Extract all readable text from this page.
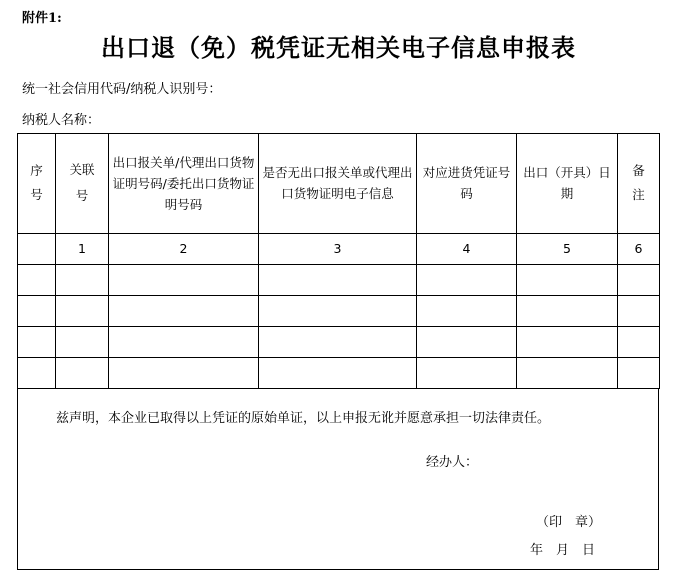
附件1:
出口退（免）税凭证无相关电子信息申报表
统一社会信用代码/纳税人识别号：
纳税人名称：
序号	关联号	出口报关单/代理出口货物证明号码/委托出口货物证明号码	是否无出口报关单或代理出口货物证明电子信息	对应进货凭证号码	出口（开具）日期	备注

	1	2	3	4	5	6

兹声明，本企业已取得以上凭证的原始单证，以上申报无讹并愿意承担一切法律责任。
经办人：
（印　章）
年　月　日
